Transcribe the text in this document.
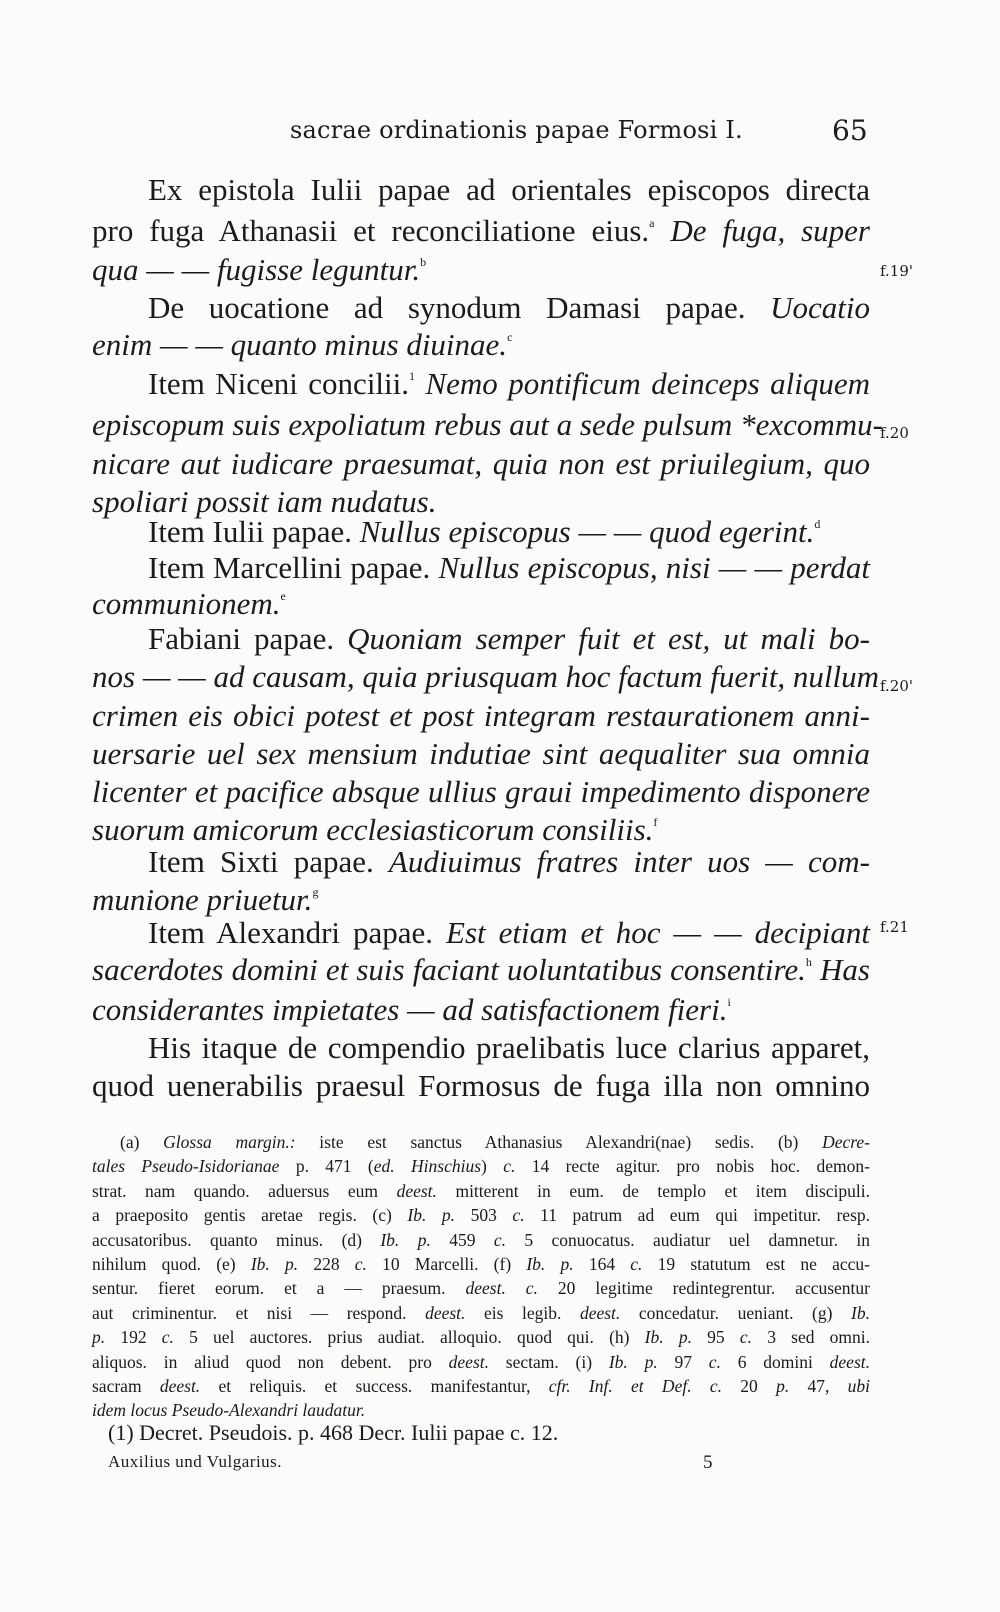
sacrae ordinationis papae Formosi I.	65
Ex epistola Iulii papae ad orientales episcopos directa
pro fuga Athanasii et reconciliatione eius.$^a$ De fuga, super
qua — — fugisse leguntur.$^b$
De uocatione ad synodum Damasi papae. Uocatio
enim — — quanto minus diuinae.$^c$
Item Niceni concilii.$^1$ Nemo pontificum deinceps aliquem
episcopum suis expoliatum rebus aut a sede pulsum *excommu-
nicare aut iudicare praesumat, quia non est priuilegium, quo
spoliari possit iam nudatus.
Item Iulii papae. Nullus episcopus — — quod egerint.$^d$
Item Marcellini papae. Nullus episcopus, nisi — — perdat
communionem.$^e$
Fabiani papae. Quoniam semper fuit et est, ut mali bo-
nos — — ad causam, quia priusquam hoc factum fuerit, nullum
crimen eis obici potest et post integram restaurationem anni-
uersarie uel sex mensium indutiae sint aequaliter sua omnia
licenter et pacifice absque ullius graui impedimento disponere
suorum amicorum ecclesiasticorum consiliis.$^f$
Item Sixti papae. Audiuimus fratres inter uos — com-
munione priuetur.$^g$
Item Alexandri papae. Est etiam et hoc — — decipiant
sacerdotes domini et suis faciant uoluntatibus consentire.$^h$ Has
considerantes impietates — ad satisfactionem fieri.$^i$
His itaque de compendio praelibatis luce clarius apparet,
quod uenerabilis praesul Formosus de fuga illa non omnino
f.19'
f.20
f.20'
f.21
(a) Glossa margin.: iste est sanctus Athanasius Alexandri(nae) sedis. (b) Decre-
tales Pseudo-Isidorianae p. 471 (ed. Hinschius) c. 14 recte agitur. pro nobis hoc. demon-
strat. nam quando. aduersus eum deest. mitterent in eum. de templo et item discipuli.
a praeposito gentis aretae regis. (c) Ib. p. 503 c. 11 patrum ad eum qui impetitur. resp.
accusatoribus. quanto minus. (d) Ib. p. 459 c. 5 conuocatus. audiatur uel damnetur. in
nihilum quod. (e) Ib. p. 228 c. 10 Marcelli. (f) Ib. p. 164 c. 19 statutum est ne accu-
sentur. fieret eorum. et a — praesum. deest. c. 20 legitime redintegrentur. accusentur
aut criminentur. et nisi — respond. deest. eis legib. deest. concedatur. ueniant. (g) Ib.
p. 192 c. 5 uel auctores. prius audiat. alloquio. quod qui. (h) Ib. p. 95 c. 3 sed omni.
aliquos. in aliud quod non debent. pro deest. sectam. (i) Ib. p. 97 c. 6 domini deest.
sacram deest. et reliquis. et success. manifestantur, cfr. Inf. et Def. c. 20 p. 47, ubi
idem locus Pseudo-Alexandri laudatur.
(1) Decret. Pseudois. p. 468 Decr. Iulii papae c. 12.
Auxilius und Vulgarius.	5
